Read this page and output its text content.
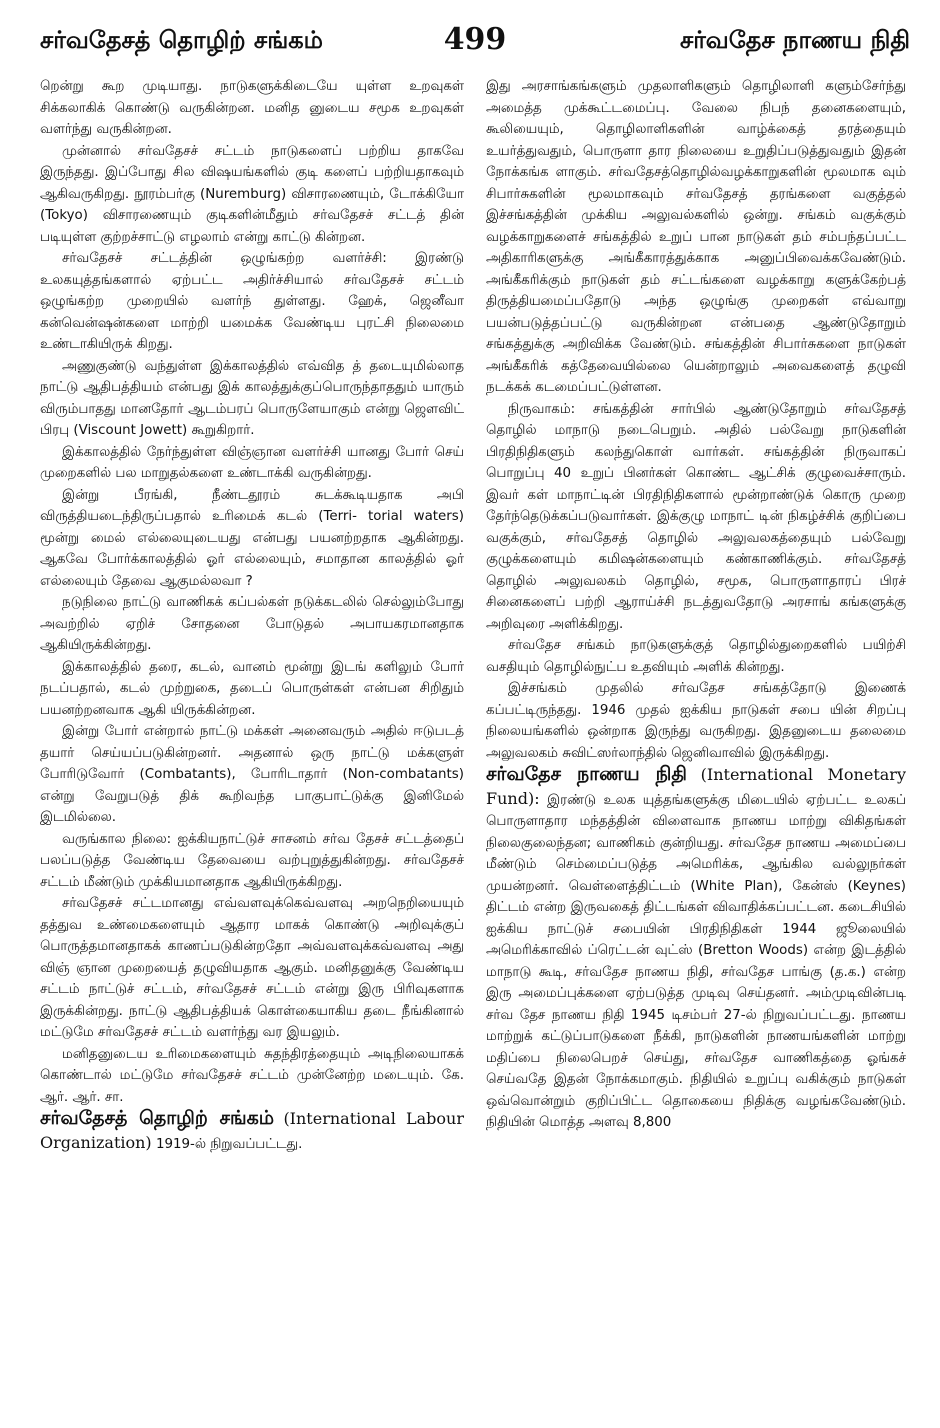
சர்வதேசத் தொழிற் சங்கம்	499	சர்வதேச நாணய நிதி

றென்று கூற முடியாது. நாடுகளுக்கிடையே யுள்ள உறவுகள் சிக்கலாகிக் கொண்டு வருகின்றன. மனித னுடைய சமூக உறவுகள் வளர்ந்து வருகின்றன.

முன்னால் சர்வதேசச் சட்டம் நாடுகளைப் பற்றிய தாகவே இருந்தது. இப்போது சில விஷயங்களில் குடி களைப் பற்றியதாகவும் ஆகிவருகிறது. நூரம்பர்கு (Nuremburg) விசாரணையும், டோக்கியோ (Tokyo) விசாரணையும் குடிகளின்மீதும் சர்வதேசச் சட்டத் தின் படியுள்ள குற்றச்சாட்டு எழலாம் என்று காட்டு கின்றன.

சர்வதேசச் சட்டத்தின் ஒழுங்கற்ற வளர்ச்சி: இரண்டு உலகயுத்தங்களால் ஏற்பட்ட அதிர்ச்சியால் சர்வதேசச் சட்டம் ஒழுங்கற்ற முறையில் வளர்ந் துள்ளது. ஹேக், ஜெனீவா கன்வென்ஷன்களை மாற்றி யமைக்க வேண்டிய புரட்சி நிலைமை உண்டாகியிருக் கிறது.

அணுகுண்டு வந்துள்ள இக்காலத்தில் எவ்வித த் தடையுமில்லாத நாட்டு ஆதிபத்தியம் என்பது இக் காலத்துக்குப்பொருந்தாததும் யாரும் விரும்பாதது மானதோர் ஆடம்பரப் பொருளேயாகும் என்று ஜௌவிட் பிரபு (Viscount Jowett) கூறுகிறார்.

இக்காலத்தில் நேர்ந்துள்ள விஞ்ஞான வளர்ச்சி யானது போர் செய் முறைகளில் பல மாறுதல்களை உண்டாக்கி வருகின்றது.

இன்று பீரங்கி, நீண்டதூரம் சுடக்கூடியதாக அபி விருத்தியடைந்திருப்பதால் உரிமைக் கடல் (Terri- torial waters) மூன்று மைல் எல்லையுடையது என்பது பயனற்றதாக ஆகின்றது. ஆகவே போர்க்காலத்தில் ஓர் எல்லையும், சமாதான காலத்தில் ஓர் எல்லையும் தேவை ஆகுமல்லவா ?

நடுநிலை நாட்டு வாணிகக் கப்பல்கள் நடுக்கடலில் செல்லும்போது அவற்றில் ஏறிச் சோதனை போடுதல் அபாயகரமானதாக ஆகியிருக்கின்றது.

இக்காலத்தில் தரை, கடல், வானம் மூன்று இடங் களிலும் போர் நடப்பதால், கடல் முற்றுகை, தடைப் பொருள்கள் என்பன சிறிதும் பயனற்றனவாக ஆகி யிருக்கின்றன.

இன்று போர் என்றால் நாட்டு மக்கள் அனைவரும் அதில் ஈடுபடத் தயார் செய்யப்படுகின்றனர். அதனால் ஒரு நாட்டு மக்களுள் போரிடுவோர் (Combatants), போரிடாதார் (Non-combatants) என்று வேறுபடுத் திக் கூறிவந்த பாகுபாட்டுக்கு இனிமேல் இடமில்லை.

வருங்கால நிலை: ஐக்கியநாட்டுச் சாசனம் சர்வ தேசச் சட்டத்தைப் பலப்படுத்த வேண்டிய தேவையை வற்புறுத்துகின்றது. சர்வதேசச் சட்டம் மீண்டும் முக்கியமானதாக ஆகியிருக்கிறது.

சர்வதேசச் சட்டமானது எவ்வளவுக்கெவ்வளவு அறநெறியையும் தத்துவ உண்மைகளையும் ஆதார மாகக் கொண்டு அறிவுக்குப் பொருத்தமானதாகக் காணப்படுகின்றதோ அவ்வளவுக்கவ்வளவு அது விஞ் ஞான முறையைத் தழுவியதாக ஆகும். மனிதனுக்கு வேண்டிய சட்டம் நாட்டுச் சட்டம், சர்வதேசச் சட்டம் என்று இரு பிரிவுகளாக இருக்கின்றது. நாட்டு ஆதிபத்தியக் கொள்கையாகிய தடை நீங்கினால் மட்டுமே சர்வதேசச் சட்டம் வளர்ந்து வர இயலும்.

மனிதனுடைய உரிமைகளையும் சுதந்திரத்தையும் அடிநிலையாகக் கொண்டால் மட்டுமே சர்வதேசச் சட்டம் முன்னேற்ற மடையும். கே. ஆர். ஆர். சா.

சர்வதேசத் தொழிற் சங்கம் (International Labour Organization) 1919-ல் நிறுவப்பட்டது.

இது அரசாங்கங்களும் முதலாளிகளும் தொழிலாளி களும்சேர்ந்து அமைத்த முக்கூட்டமைப்பு. வேலை நிபந் தனைகளையும், கூலியையும், தொழிலாளிகளின் வாழ்க்கைத் தரத்தையும் உயர்த்துவதும், பொருளா தார நிலையை உறுதிப்படுத்துவதும் இதன் நோக்கங்க ளாகும். சர்வதேசத்தொழில்வழக்காறுகளின் மூலமாக வும் சிபார்சுகளின் மூலமாகவும் சர்வதேசத் தரங்களை வகுத்தல் இச்சங்கத்தின் முக்கிய அலுவல்களில் ஒன்று. சங்கம் வகுக்கும் வழக்காறுகளைச் சங்கத்தில் உறுப் பான நாடுகள் தம் சம்பந்தப்பட்ட அதிகாரிகளுக்கு அங்கீகாரத்துக்காக அனுப்பிவைக்கவேண்டும். அங்கீகரிக்கும் நாடுகள் தம் சட்டங்களை வழக்காறு களுக்கேற்பத் திருத்தியமைப்பதோடு அந்த ஒழுங்கு முறைகள் எவ்வாறு பயன்படுத்தப்பட்டு வருகின்றன என்பதை ஆண்டுதோறும் சங்கத்துக்கு அறிவிக்க வேண்டும். சங்கத்தின் சிபார்சுகளை நாடுகள் அங்கீகரிக் கத்தேவையில்லை யென்றாலும் அவைகளைத் தழுவி நடக்கக் கடமைப்பட்டுள்ளன.

நிருவாகம்: சங்கத்தின் சார்பில் ஆண்டுதோறும் சர்வதேசத் தொழில் மாநாடு நடைபெறும். அதில் பல்வேறு நாடுகளின் பிரதிநிதிகளும் கலந்துகொள் வார்கள். சங்கத்தின் நிருவாகப் பொறுப்பு 40 உறுப் பினர்கள் கொண்ட ஆட்சிக் குழுவைச்சாரும். இவர் கள் மாநாட்டின் பிரதிநிதிகளால் மூன்றாண்டுக் கொரு முறை தேர்ந்தெடுக்கப்படுவார்கள். இக்குழு மாநாட் டின் நிகழ்ச்சிக் குறிப்பை வகுக்கும், சர்வதேசத் தொழில் அலுவலகத்தையும் பல்வேறு குழுக்களையும் கமிஷன்களையும் கண்காணிக்கும். சர்வதேசத் தொழில் அலுவலகம் தொழில், சமூக, பொருளாதாரப் பிரச் சினைகளைப் பற்றி ஆராய்ச்சி நடத்துவதோடு அரசாங் கங்களுக்கு அறிவுரை அளிக்கிறது.

சர்வதேச சங்கம் நாடுகளுக்குத் தொழில்துறைகளில் பயிற்சி வசதியும் தொழில்நுட்ப உதவியும் அளிக் கின்றது.

இச்சங்கம் முதலில் சர்வதேச சங்கத்தோடு இணைக் கப்பட்டிருந்தது. 1946 முதல் ஐக்கிய நாடுகள் சபை யின் சிறப்பு நிலையங்களில் ஒன்றாக இருந்து வருகிறது. இதனுடைய தலைமை அலுவலகம் சுவிட்ஸர்லாந்தில் ஜெனிவாவில் இருக்கிறது.

சர்வதேச நாணய நிதி (International Monetary Fund): இரண்டு உலக யுத்தங்களுக்கு மிடையில் ஏற்பட்ட உலகப் பொருளாதார மந்தத்தின் விளைவாக நாணய மாற்று விகிதங்கள் நிலைகுலைந்தன; வாணிகம் குன்றியது. சர்வதேச நாணய அமைப்பை மீண்டும் செம்மைப்படுத்த அமெரிக்க, ஆங்கில வல்லுநர்கள் முயன்றனர். வெள்ளைத்திட்டம் (White Plan), கேன்ஸ் (Keynes) திட்டம் என்ற இருவகைத் திட்டங்கள் விவாதிக்கப்பட்டன. கடைசியில் ஐக்கிய நாட்டுச் சபையின் பிரதிநிதிகள் 1944 ஜூலையில் அமெரிக்காவில் ப்ரெட்டன் வுட்ஸ் (Bretton Woods) என்ற இடத்தில் மாநாடு கூடி, சர்வதேச நாணய நிதி, சர்வதேச பாங்கு (த.க.) என்ற இரு அமைப்புக்களை ஏற்படுத்த முடிவு செய்தனர். அம்முடிவின்படி சர்வ தேச நாணய நிதி 1945 டிசம்பர் 27-ல் நிறுவப்பட்டது. நாணய மாற்றுக் கட்டுப்பாடுகளை நீக்கி, நாடுகளின் நாணயங்களின் மாற்று மதிப்பை நிலைபெறச் செய்து, சர்வதேச வாணிகத்தை ஓங்கச் செய்வதே இதன் நோக்கமாகும். நிதியில் உறுப்பு வகிக்கும் நாடுகள் ஒவ்வொன்றும் குறிப்பிட்ட தொகையை நிதிக்கு வழங்கவேண்டும். நிதியின் மொத்த அளவு 8,800
